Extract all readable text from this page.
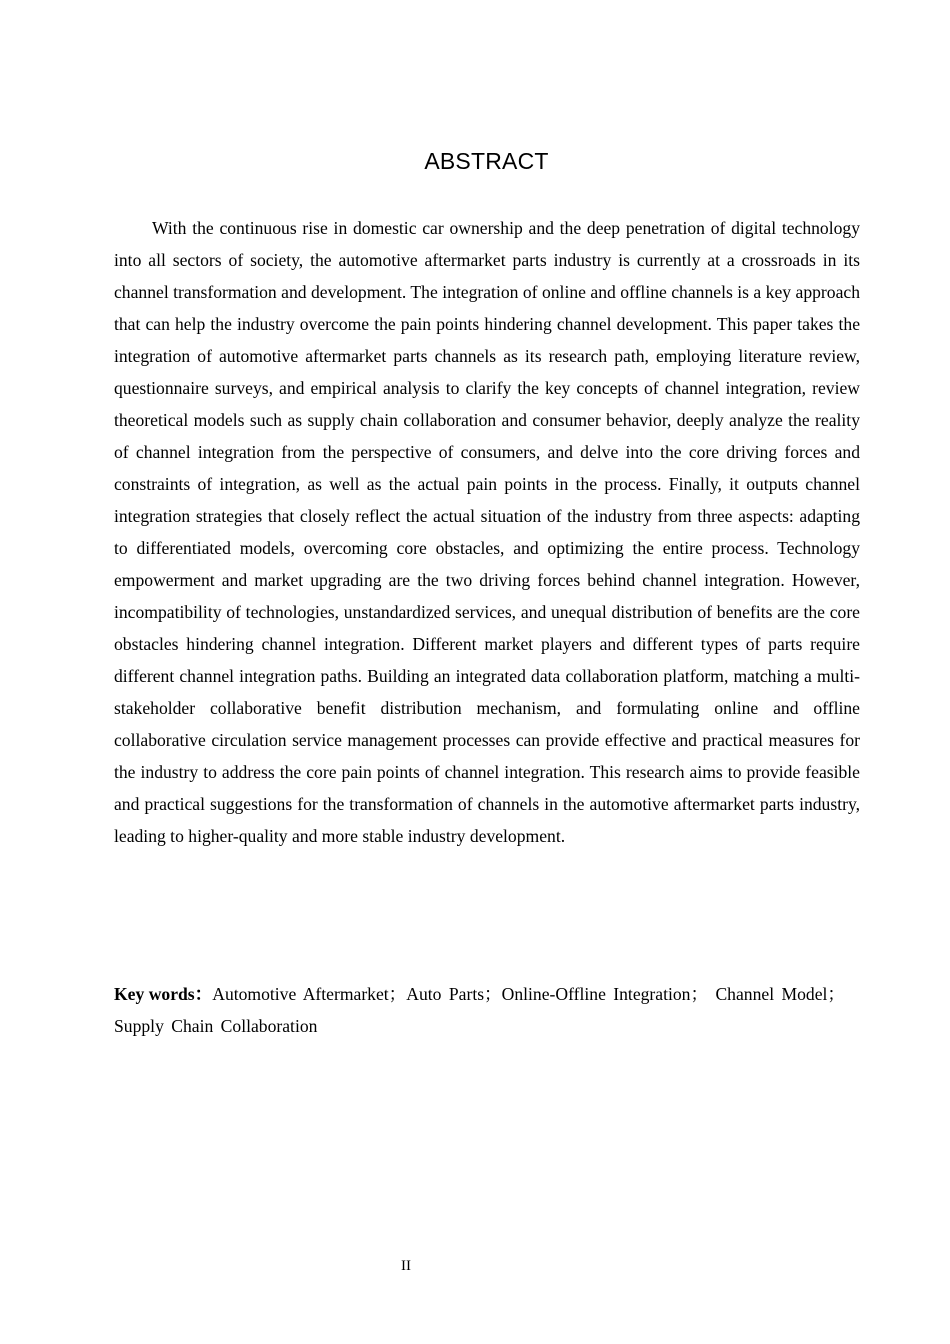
ABSTRACT

With the continuous rise in domestic car ownership and the deep penetration of digital technology into all sectors of society, the automotive aftermarket parts industry is currently at a crossroads in its channel transformation and development. The integration of online and offline channels is a key approach that can help the industry overcome the pain points hindering channel development. This paper takes the integration of automotive aftermarket parts channels as its research path, employing literature review, questionnaire surveys, and empirical analysis to clarify the key concepts of channel integration, review theoretical models such as supply chain collaboration and consumer behavior, deeply analyze the reality of channel integration from the perspective of consumers, and delve into the core driving forces and constraints of integration, as well as the actual pain points in the process. Finally, it outputs channel integration strategies that closely reflect the actual situation of the industry from three aspects: adapting to differentiated models, overcoming core obstacles, and optimizing the entire process. Technology empowerment and market upgrading are the two driving forces behind channel integration. However, incompatibility of technologies, unstandardized services, and unequal distribution of benefits are the core obstacles hindering channel integration. Different market players and different types of parts require different channel integration paths. Building an integrated data collaboration platform, matching a multi-stakeholder collaborative benefit distribution mechanism, and formulating online and offline collaborative circulation service management processes can provide effective and practical measures for the industry to address the core pain points of channel integration. This research aims to provide feasible and practical suggestions for the transformation of channels in the automotive aftermarket parts industry, leading to higher-quality and more stable industry development.

Key words：Automotive Aftermarket；Auto Parts；Online-Offline Integration； Channel Model； Supply Chain Collaboration

II
